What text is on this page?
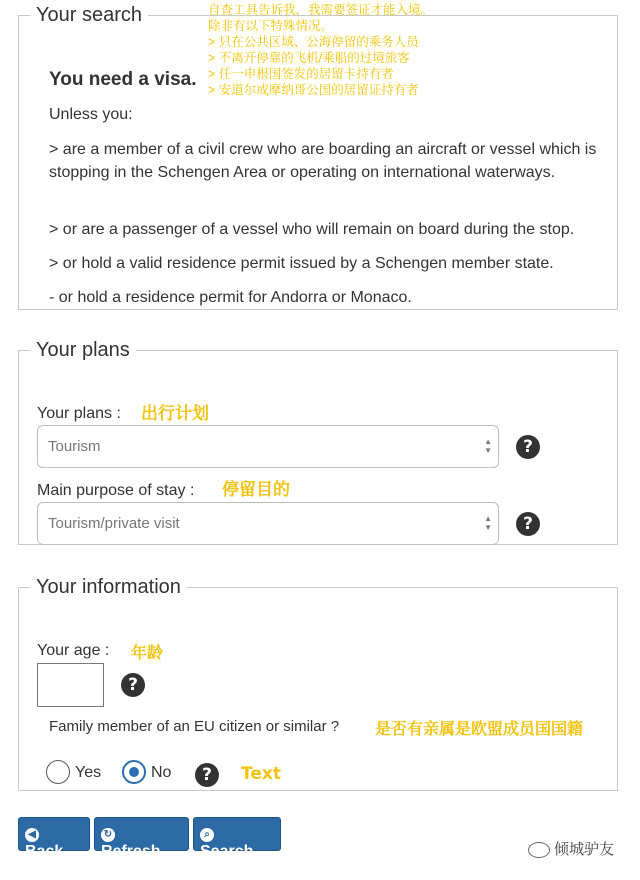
自查工具告诉我，我需要签证才能入境。
除非有以下特殊情况。
> 只在公共区域、公海停留的乘务人员
> 不离开停靠的飞机/乘船的过境旅客
> 任一申根国签发的居留卡持有者
> 安道尔或摩纳哥公国的居留证持有者
Your search
You need a visa.
Unless you:
> are a member of a civil crew who are boarding an aircraft or vessel which is stopping in the Schengen Area or operating on international waterways.
> or are a passenger of a vessel who will remain on board during the stop.
> or hold a valid residence permit issued by a Schengen member state.
- or hold a residence permit for Andorra or Monaco.
Your plans
Your plans : 出行计划
Tourism	▲
▼	?
Main purpose of stay : 停留目的
Tourism/private visit	▲
▼	?
Your information
Your age : 年龄
?
Family member of an EU citizen or similar ? 是否有亲属是欧盟成员国国籍
Yes	No	?	Text
◀Back
↻Refresh
⌕Search	倾城驴友
